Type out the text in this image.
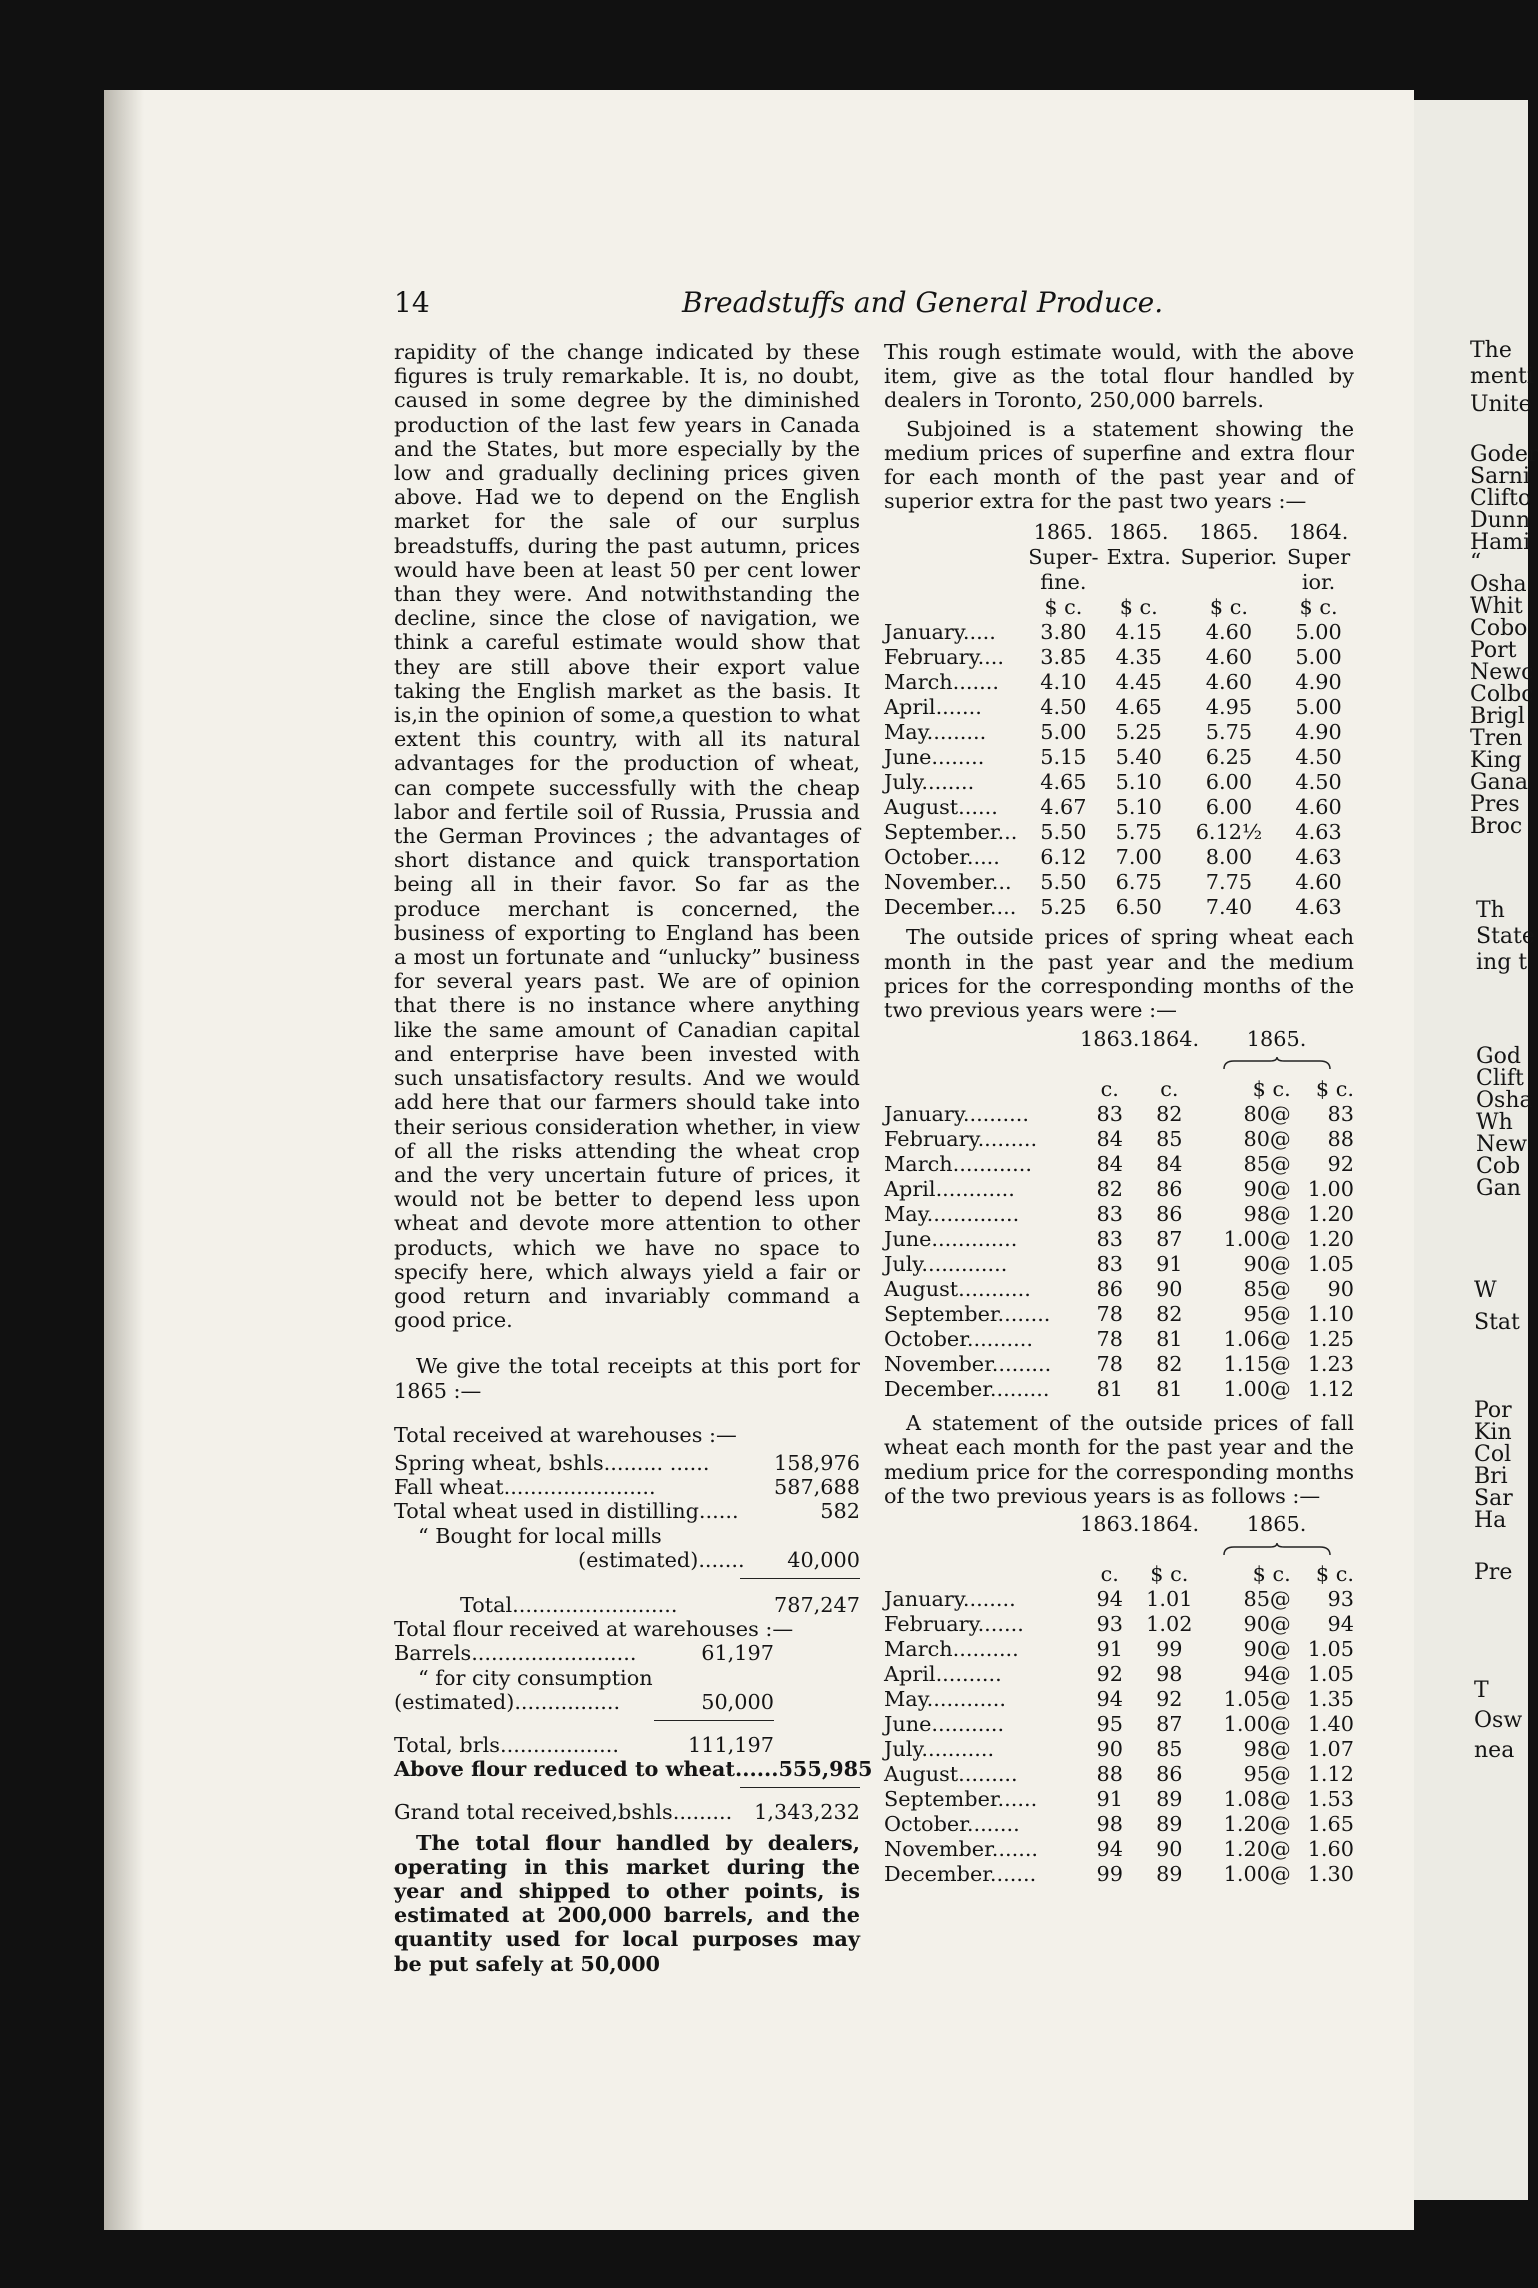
The
menti
Unite
Goder
Sarni
Clifto
Dunn
Hami
“
Osha
Whit
Cobo
Port
Newc
Colbc
Brigl
Tren
King
Gana
Pres
Broc
Th
State
ing t
God
Clift
Osha
Wh
New
Cob
Gan
W
Stat
Por
Kin
Col
Bri
Sar
Ha
Pre
T
Osw
nea
14	Breadstuffs and General Produce.

rapidity of the change indicated by these figures is truly remarkable. It is, no doubt, caused in some degree by the diminished production of the last few years in Canada and the States, but more especially by the low and gradually declining prices given above. Had we to depend on the English market for the sale of our surplus breadstuffs, during the past autumn, prices would have been at least 50 per cent lower than they were. And notwithstanding the decline, since the close of navigation, we think a careful estimate would show that they are still above their export value taking the English market as the basis. It is,in the opinion of some,a question to what extent this country, with all its natural advantages for the production of wheat, can compete successfully with the cheap labor and fertile soil of Russia, Prussia and the German Provinces ; the advantages of short distance and quick transportation being all in their favor. So far as the produce merchant is concerned, the business of exporting to England has been a most un fortunate and “unlucky” business for several years past. We are of opinion that there is no instance where anything like the same amount of Canadian capital and enterprise have been invested with such unsatisfactory results. And we would add here that our farmers should take into their serious consideration whether, in view of all the risks attending the wheat crop and the very uncertain future of prices, it would not be better to depend less upon wheat and devote more attention to other products, which we have no space to specify here, which always yield a fair or good return and invariably command a good price.

We give the total receipts at this port for 1865 :—

Total received at warehouses :—
Spring wheat, bshls......... ......	158,976
Fall wheat.......................	587,688
Total wheat used in distilling......	582
“ Bought for local mills
(estimated)....... 40,000
Total.........................	787,247
Total flour received at warehouses :—
Barrels.........................	61,197
“ for city consumption
(estimated)................	50,000
Total, brls..................	111,197
Above flour reduced to wheat...... 555,985
Grand total received,bshls......... 1,343,232

The total flour handled by dealers, operating in this market during the year and shipped to other points, is estimated at 200,000 barrels, and the quantity used for local purposes may be put safely at 50,000

This rough estimate would, with the above item, give as the total flour handled by dealers in Toronto, 250,000 barrels.

Subjoined is a statement showing the medium prices of superfine and extra flour for each month of the past year and of superior extra for the past two years :—

	1865.	1865.	1865.	1864.
	Super-	Extra.	Superior.	Super
	fine.			ior.
	$ c.	$ c.	$ c.	$ c.
January.....	3.80	4.15	4.60	5.00
February....	3.85	4.35	4.60	5.00
March.......	4.10	4.45	4.60	4.90
April.......	4.50	4.65	4.95	5.00
May.........	5.00	5.25	5.75	4.90
June........	5.15	5.40	6.25	4.50
July........	4.65	5.10	6.00	4.50
August......	4.67	5.10	6.00	4.60
September...	5.50	5.75	6.12½	4.63
October.....	6.12	7.00	8.00	4.63
November...	5.50	6.75	7.75	4.60
December....	5.25	6.50	7.40	4.63

The outside prices of spring wheat each month in the past year and the medium prices for the corresponding months of the two previous years were :—

	1863.	1864.	1865.	

	c.	c.	$ c.	$ c.
January..........	83	82	80@	83
February.........	84	85	80@	88
March............	84	84	85@	92
April............	82	86	90@	1.00
May..............	83	86	98@	1.20
June.............	83	87	1.00@	1.20
July.............	83	91	90@	1.05
August...........	86	90	85@	90
September........	78	82	95@	1.10
October..........	78	81	1.06@	1.25
November.........	78	82	1.15@	1.23
December.........	81	81	1.00@	1.12

A statement of the outside prices of fall wheat each month for the past year and the medium price for the corresponding months of the two previous years is as follows :—

	1863.	1864.	1865.	

	c.	$ c.	$ c.	$ c.
January........	94	1.01	85@	93
February.......	93	1.02	90@	94
March..........	91	99	90@	1.05
April..........	92	98	94@	1.05
May............	94	92	1.05@	1.35
June...........	95	87	1.00@	1.40
July...........	90	85	98@	1.07
August.........	88	86	95@	1.12
September......	91	89	1.08@	1.53
October........	98	89	1.20@	1.65
November.......	94	90	1.20@	1.60
December.......	99	89	1.00@	1.30
